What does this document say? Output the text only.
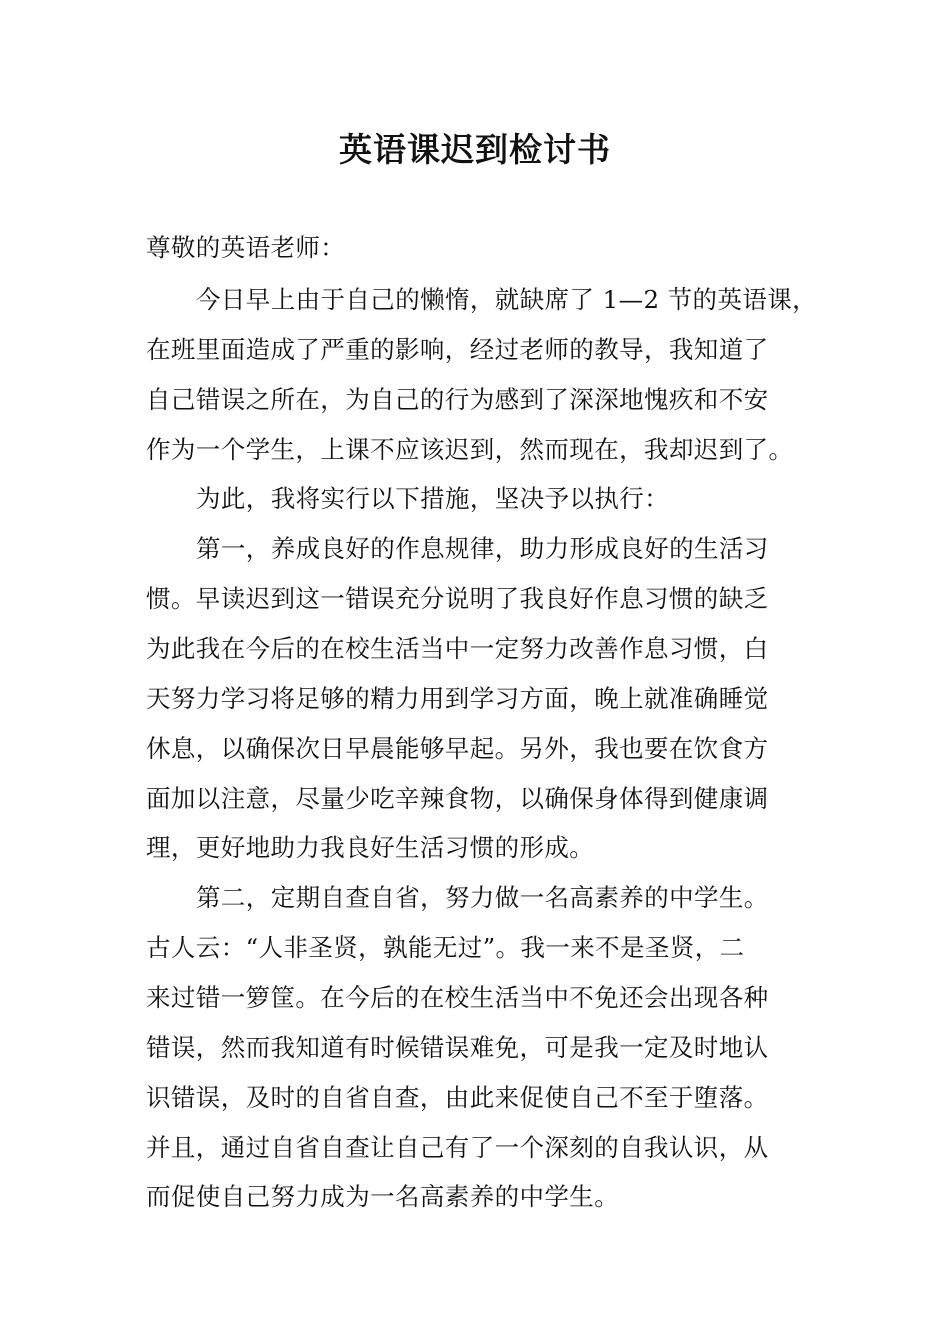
英语课迟到检讨书
尊敬的英语老师：
今日早上由于自己的懒惰，就缺席了 1—2 节的英语课，
在班里面造成了严重的影响，经过老师的教导，我知道了
自己错误之所在，为自己的行为感到了深深地愧疚和不安
作为一个学生，上课不应该迟到，然而现在，我却迟到了。
为此，我将实行以下措施，坚决予以执行：
第一，养成良好的作息规律，助力形成良好的生活习
惯。早读迟到这一错误充分说明了我良好作息习惯的缺乏
为此我在今后的在校生活当中一定努力改善作息习惯，白
天努力学习将足够的精力用到学习方面，晚上就准确睡觉
休息，以确保次日早晨能够早起。另外，我也要在饮食方
面加以注意，尽量少吃辛辣食物，以确保身体得到健康调
理，更好地助力我良好生活习惯的形成。
第二，定期自查自省，努力做一名高素养的中学生。
古人云：“人非圣贤，孰能无过”。我一来不是圣贤，二
来过错一箩筐。在今后的在校生活当中不免还会出现各种
错误，然而我知道有时候错误难免，可是我一定及时地认
识错误，及时的自省自查，由此来促使自己不至于堕落。
并且，通过自省自查让自己有了一个深刻的自我认识，从
而促使自己努力成为一名高素养的中学生。
